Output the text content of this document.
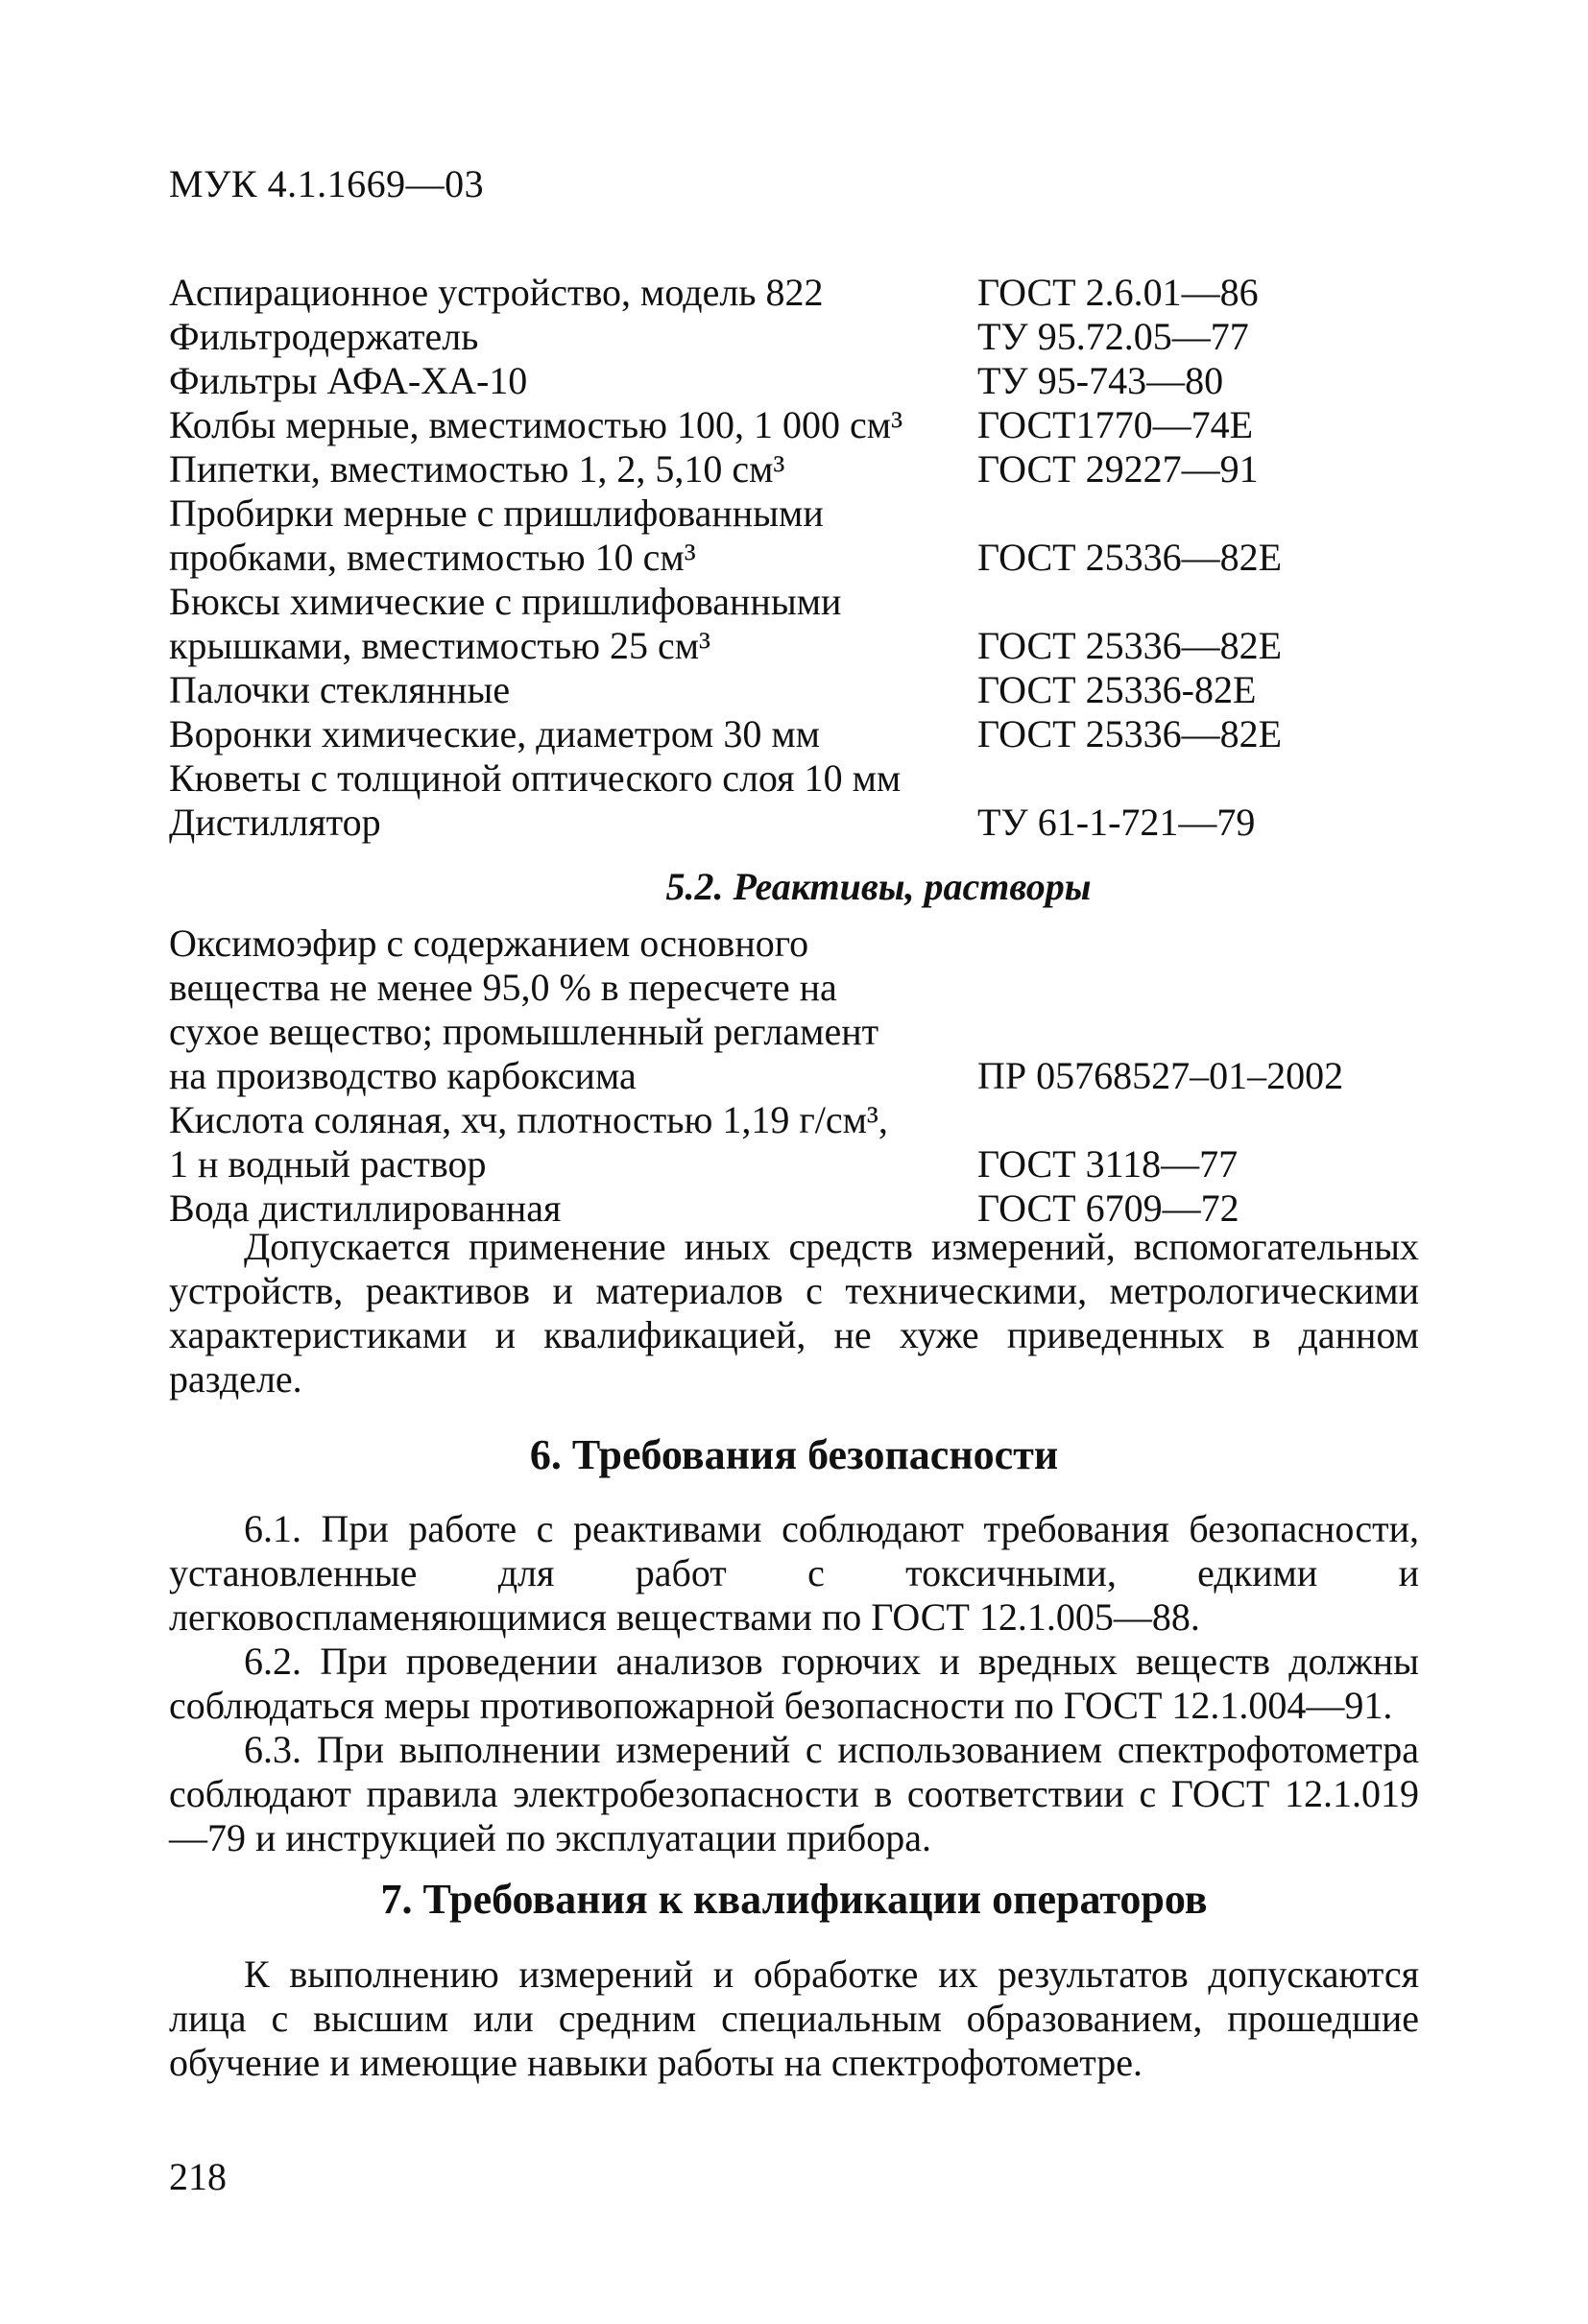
МУК 4.1.1669—03
Аспирационное устройство, модель 822	ГОСТ 2.6.01—86
Фильтродержатель	ТУ 95.72.05—77
Фильтры АФА-ХА-10	ТУ 95-743—80
Колбы мерные, вместимостью 100, 1 000 см³	ГОСТ1770—74Е
Пипетки, вместимостью 1, 2, 5,10 см³	ГОСТ 29227—91
Пробирки мерные с пришлифованными
пробками, вместимостью 10 см³	ГОСТ 25336—82Е
Бюксы химические с пришлифованными
крышками, вместимостью 25 см³	ГОСТ 25336—82Е
Палочки стеклянные	ГОСТ 25336-82Е
Воронки химические, диаметром 30 мм	ГОСТ 25336—82Е
Кюветы с толщиной оптического слоя 10 мм
Дистиллятор	ТУ 61-1-721—79
5.2. Реактивы, растворы
Оксимоэфир с содержанием основного
вещества не менее 95,0 % в пересчете на
сухое вещество; промышленный регламент
на производство карбоксима	ПР 05768527–01–2002
Кислота соляная, хч, плотностью 1,19 г/см³,
1 н водный раствор	ГОСТ 3118—77
Вода дистиллированная	ГОСТ 6709—72

Допускается применение иных средств измерений, вспомогательных устройств, реактивов и материалов с техническими, метрологическими характеристиками и квалификацией, не хуже приведенных в данном разделе.

6. Требования безопасности

6.1. При работе с реактивами соблюдают требования безопасности, установленные для работ с токсичными, едкими и легковоспламеняющимися веществами по ГОСТ 12.1.005—88.

6.2. При проведении анализов горючих и вредных веществ должны соблюдаться меры противопожарной безопасности по ГОСТ 12.1.004—91.

6.3. При выполнении измерений с использованием спектрофотометра соблюдают правила электробезопасности в соответствии с ГОСТ 12.1.019—79 и инструкцией по эксплуатации прибора.

7. Требования к квалификации операторов

К выполнению измерений и обработке их результатов допускаются лица с высшим или средним специальным образованием, прошедшие обучение и имеющие навыки работы на спектрофотометре.

218
